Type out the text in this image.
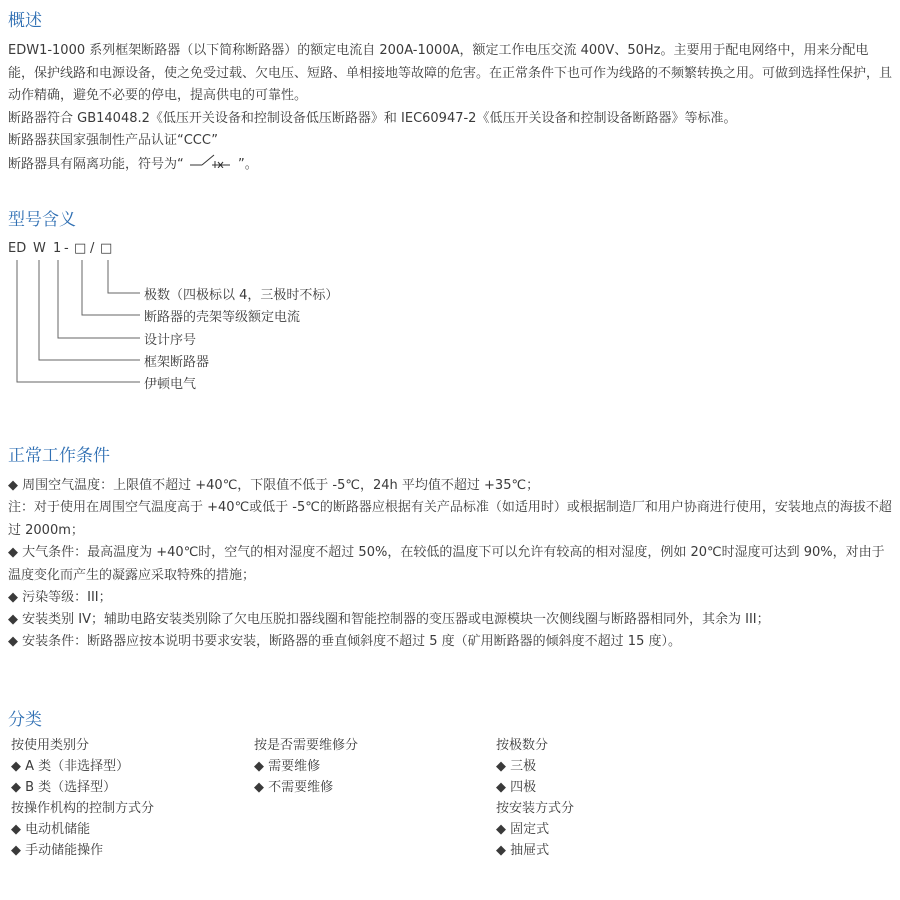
概述

EDW1-1000 系列框架断路器（以下简称断路器）的额定电流自 200A-1000A，额定工作电压交流 400V、50Hz。主要用于配电网络中，用来分配电能，保护线路和电源设备，使之免受过载、欠电压、短路、单相接地等故障的危害。在正常条件下也可作为线路的不频繁转换之用。可做到选择性保护，且动作精确，避免不必要的停电，提高供电的可靠性。

断路器符合 GB14048.2《低压开关设备和控制设备低压断路器》和 IEC60947-2《低压开关设备和控制设备断路器》等标准。

断路器获国家强制性产品认证“CCC”

断路器具有隔离功能，符号为“	”。

型号含义
ED W 1 - □ / □
极数（四极标以 4，三极时不标）
断路器的壳架等级额定电流
设计序号
框架断路器
伊顿电气
正常工作条件

◆ 周围空气温度：上限值不超过 +40℃，下限值不低于 -5℃，24h 平均值不超过 +35℃；

注：对于使用在周围空气温度高于 +40℃或低于 -5℃的断路器应根据有关产品标准（如适用时）或根据制造厂和用户协商进行使用，安装地点的海拔不超过 2000m；

◆ 大气条件：最高温度为 +40℃时，空气的相对湿度不超过 50%，在较低的温度下可以允许有较高的相对湿度，例如 20℃时湿度可达到 90%，对由于温度变化而产生的凝露应采取特殊的措施；

◆ 污染等级：III；

◆ 安装类别 IV；辅助电路安装类别除了欠电压脱扣器线圈和智能控制器的变压器或电源模块一次侧线圈与断路器相同外，其余为 III；

◆ 安装条件：断路器应按本说明书要求安装，断路器的垂直倾斜度不超过 5 度（矿用断路器的倾斜度不超过 15 度）。

分类
按使用类别分
◆ A 类（非选择型）
◆ B 类（选择型）
按操作机构的控制方式分
◆ 电动机储能
◆ 手动储能操作
按是否需要维修分
◆ 需要维修
◆ 不需要维修
按极数分
◆ 三极
◆ 四极
按安装方式分
◆ 固定式
◆ 抽屉式
